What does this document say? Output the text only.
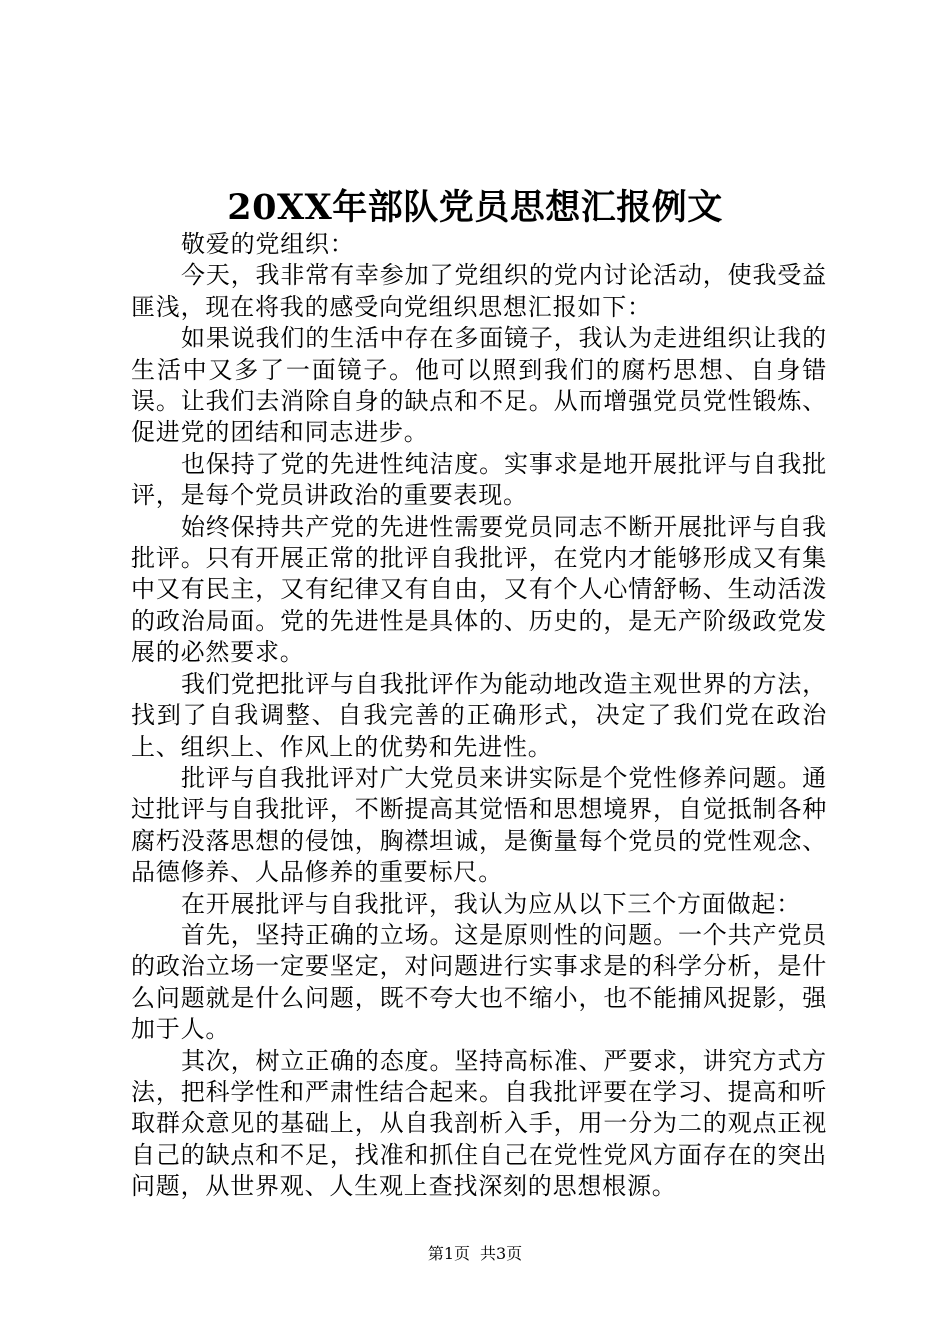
20XX年部队党员思想汇报例文

敬爱的党组织：

今天，我非常有幸参加了党组织的党内讨论活动，使我受益匪浅，现在将我的感受向党组织思想汇报如下：

如果说我们的生活中存在多面镜子，我认为走进组织让我的生活中又多了一面镜子。他可以照到我们的腐朽思想、自身错误。让我们去消除自身的缺点和不足。从而增强党员党性锻炼、促进党的团结和同志进步。

也保持了党的先进性纯洁度。实事求是地开展批评与自我批评，是每个党员讲政治的重要表现。

始终保持共产党的先进性需要党员同志不断开展批评与自我批评。只有开展正常的批评自我批评，在党内才能够形成又有集中又有民主，又有纪律又有自由，又有个人心情舒畅、生动活泼的政治局面。党的先进性是具体的、历史的，是无产阶级政党发展的必然要求。

我们党把批评与自我批评作为能动地改造主观世界的方法，找到了自我调整、自我完善的正确形式，决定了我们党在政治上、组织上、作风上的优势和先进性。

批评与自我批评对广大党员来讲实际是个党性修养问题。通过批评与自我批评，不断提高其觉悟和思想境界，自觉抵制各种腐朽没落思想的侵蚀，胸襟坦诚，是衡量每个党员的党性观念、品德修养、人品修养的重要标尺。

在开展批评与自我批评，我认为应从以下三个方面做起：

首先，坚持正确的立场。这是原则性的问题。一个共产党员的政治立场一定要坚定，对问题进行实事求是的科学分析，是什么问题就是什么问题，既不夸大也不缩小，也不能捕风捉影，强加于人。

其次，树立正确的态度。坚持高标准、严要求，讲究方式方法，把科学性和严肃性结合起来。自我批评要在学习、提高和听取群众意见的基础上，从自我剖析入手，用一分为二的观点正视自己的缺点和不足，找准和抓住自己在党性党风方面存在的突出问题，从世界观、人生观上查找深刻的思想根源。

第1页 共3页
